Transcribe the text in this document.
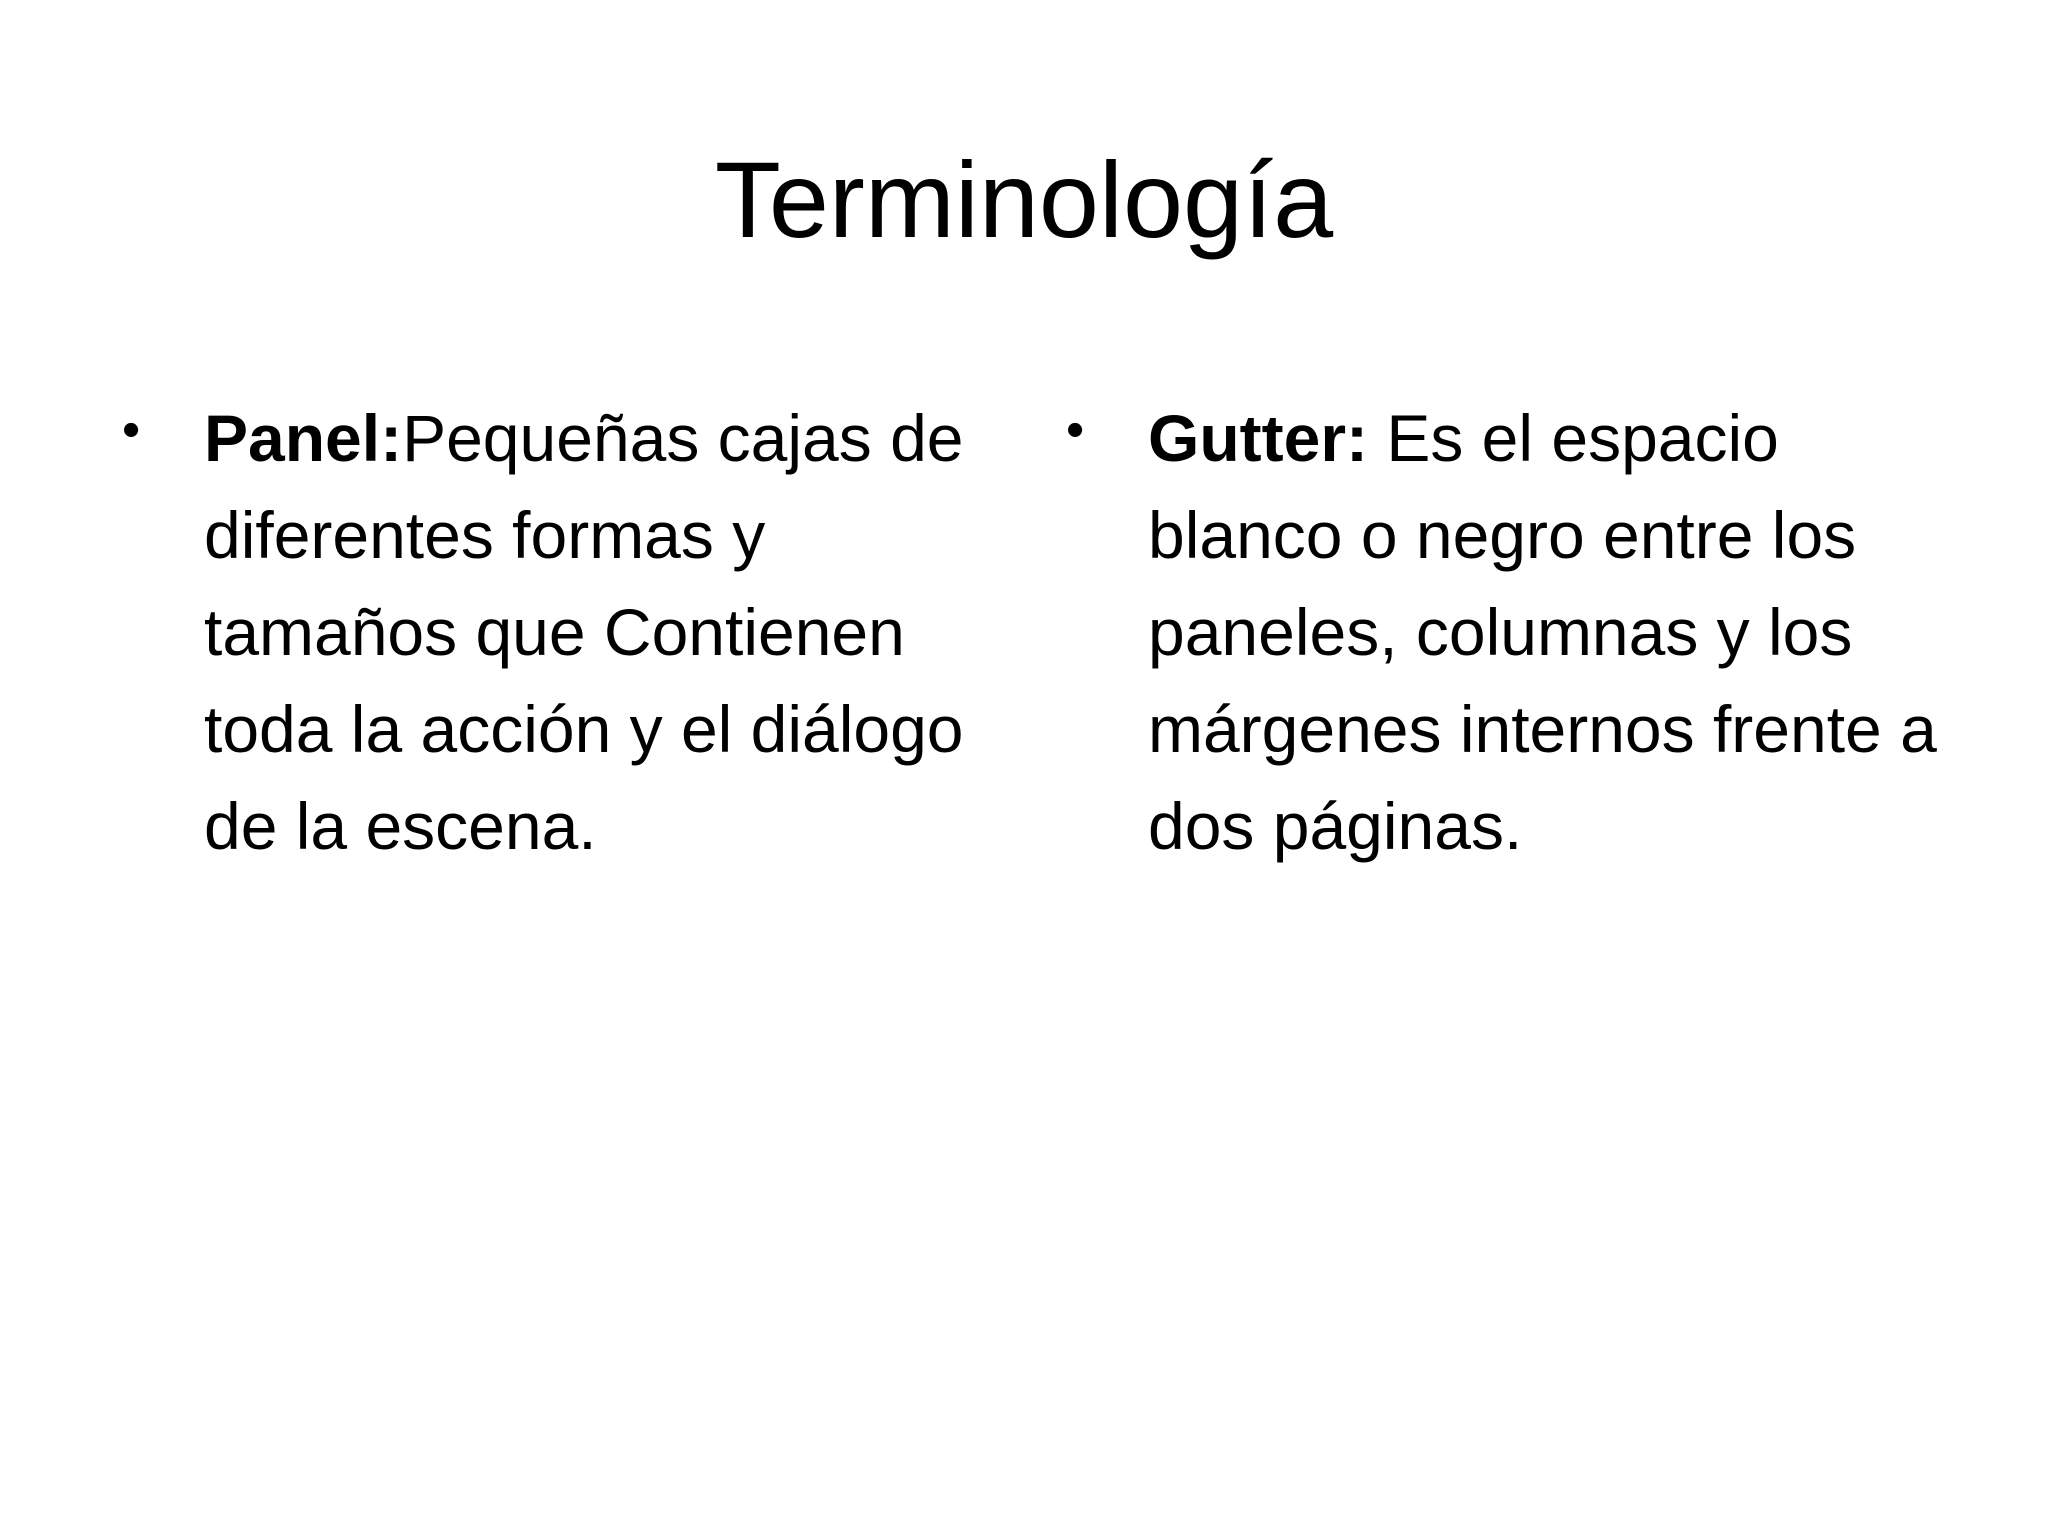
Terminología
• Panel:Pequeñas cajas de diferentes formas y tamaños que Contienen toda la acción y el diálogo de la escena.
• Gutter: Es el espacio blanco o negro entre los paneles, columnas y los márgenes internos frente a dos páginas.
